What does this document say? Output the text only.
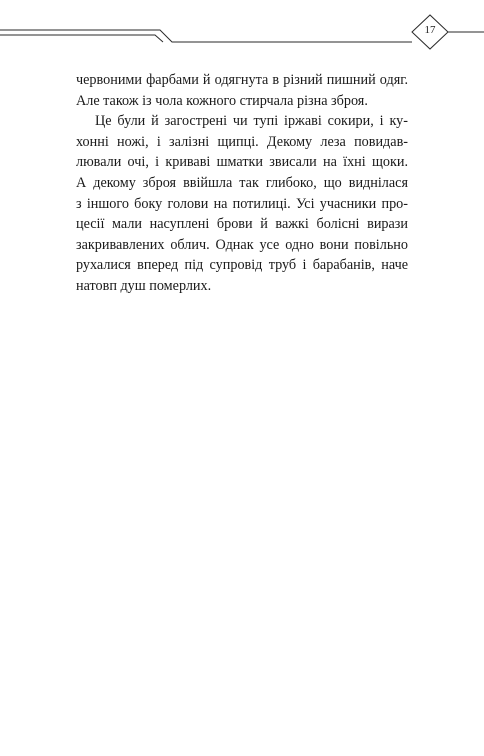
17

червоними фарбами й одягнута в різний пишний одяг.
Але також із чола кожного стирчала різна зброя.

Це були й загострені чи тупі іржаві сокири, і ку-
хонні ножі, і залізні щипці. Декому леза повидав-
лювали очі, і криваві шматки звисали на їхні щоки.
А декому зброя ввійшла так глибоко, що виднілася
з іншого боку голови на потилиці. Усі учасники про-
цесії мали насуплені брови й важкі болісні вирази
закривавлених облич. Однак усе одно вони повільно
рухалися вперед під супровід труб і барабанів, наче
натовп душ померлих.
